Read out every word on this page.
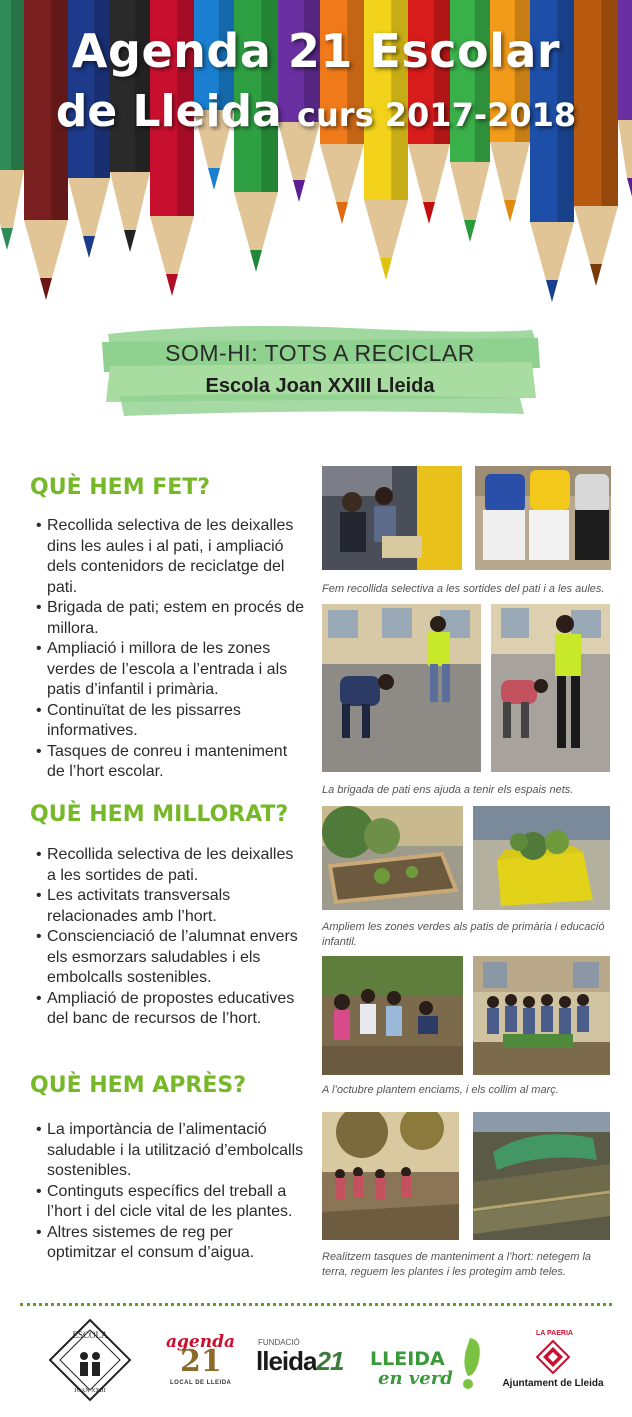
Agenda 21 Escolar
de Lleida curs 2017-2018
SOM-HI: TOTS A RECICLAR
Escola Joan XXIII Lleida
QUÈ HEM FET?
• Recollida selectiva de les deixalles dins les aules i al pati, i ampliació dels contenidors de reciclatge del pati.
• Brigada de pati; estem en procés de millora.
• Ampliació i millora de les zones verdes de l’escola a l’entrada i als patis d’infantil i primària.
• Continuïtat de les pissarres informatives.
• Tasques de conreu i manteniment de l’hort escolar.
QUÈ HEM MILLORAT?
• Recollida selectiva de les deixalles a les sortides de pati.
• Les activitats transversals relacionades amb l’hort.
• Conscienciació de l’alumnat envers els esmorzars saludables i els embolcalls sostenibles.
• Ampliació de propostes educatives del banc de recursos de l’hort.
QUÈ HEM APRÈS?
• La importància de l’alimentació saludable i la utilització d’embolcalls sostenibles.
• Continguts específics del treball a l’hort i del cicle vital de les plantes.
• Altres sistemes de reg per optimitzar el consum d’aigua.
Fem recollida selectiva a les sortides del pati i a les aules.
La brigada de pati ens ajuda a tenir els espais nets.
Ampliem les zones verdes als patis de primària i educació infantil.
A l’octubre plantem enciams, i els collim al març.
Realitzem tasques de manteniment a l’hort: netegem la terra, reguem les plantes i les protegim amb teles.
ESCOLA
JOAN XXIII
agenda
21
LOCAL DE LLEIDA
FUNDACIÓ
lleida21 LLEIDA
en verd
LA PAERIA
Ajuntament de Lleida
